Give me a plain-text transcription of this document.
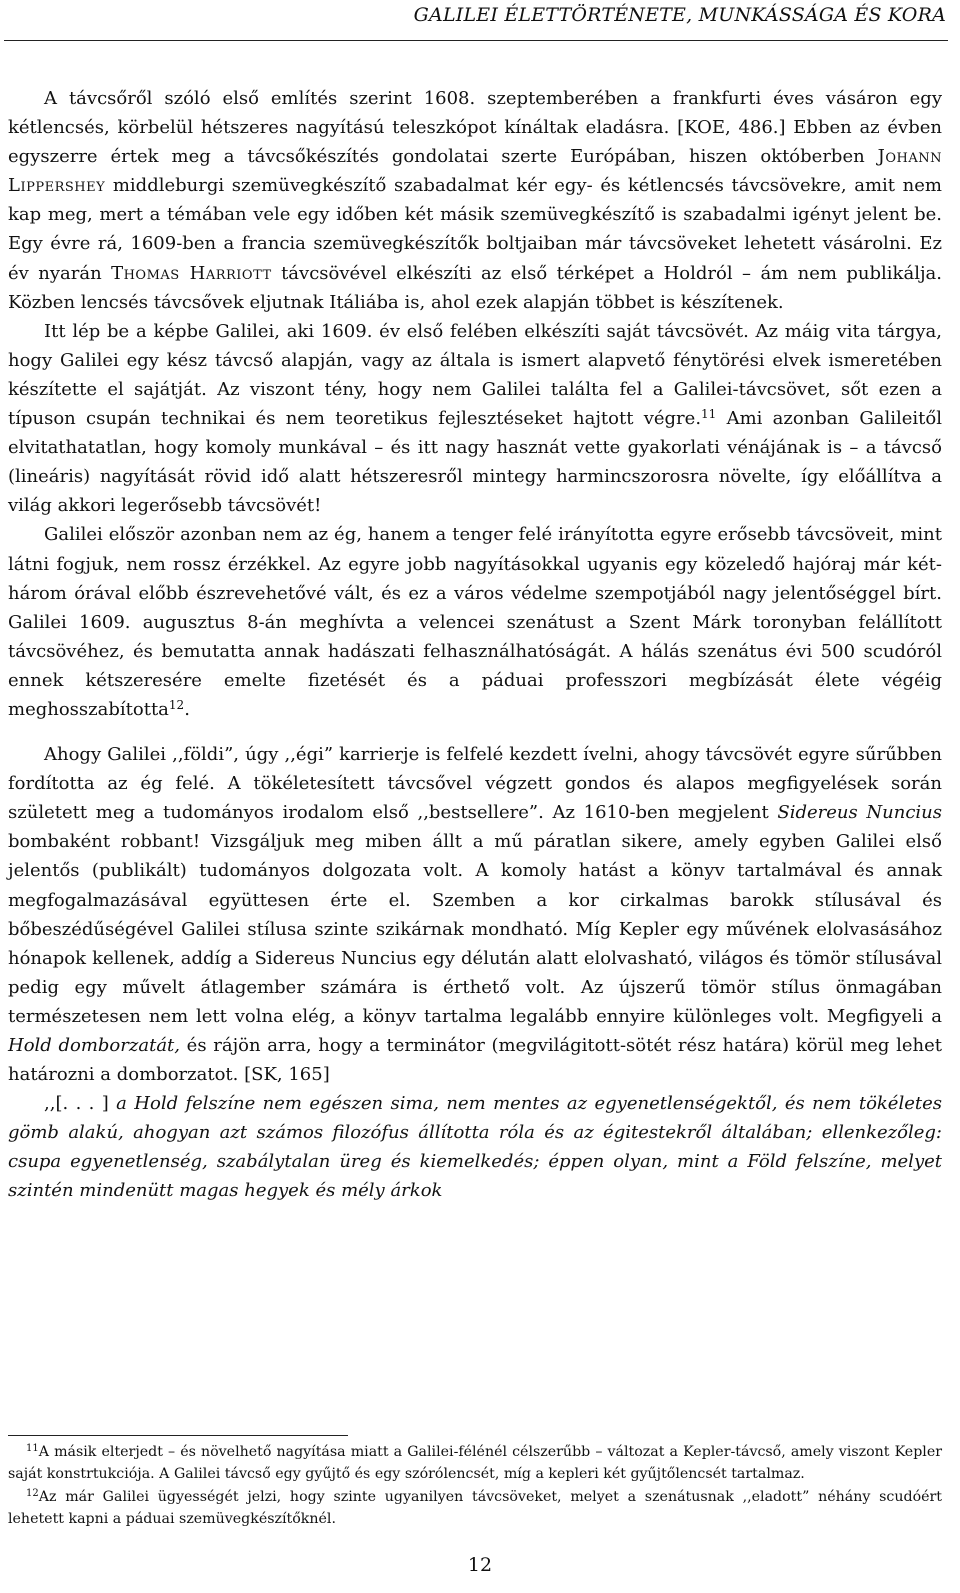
GALILEI ÉLETTÖRTÉNETE, MUNKÁSSÁGA ÉS KORA

A távcsőről szóló első említés szerint 1608. szeptemberében a frankfurti éves vásáron egy kétlencsés, körbelül hétszeres nagyítású teleszkópot kínáltak eladásra. [KOE, 486.] Ebben az évben egyszerre értek meg a távcsőkészítés gondolatai szerte Európában, hiszen októberben Johann Lippershey middleburgi szemüvegkészítő szabadalmat kér egy- és kétlencsés távcsövekre, amit nem kap meg, mert a témában vele egy időben két másik szemüvegkészítő is szabadalmi igényt jelent be. Egy évre rá, 1609-ben a francia szemüvegkészítők boltjaiban már távcsöveket lehetett vásárolni. Ez év nyarán Thomas Harriott távcsövével elkészíti az első térképet a Holdról – ám nem publikálja. Közben lencsés távcsővek eljutnak Itáliába is, ahol ezek alapján többet is készítenek.

Itt lép be a képbe Galilei, aki 1609. év első felében elkészíti saját távcsövét. Az máig vita tárgya, hogy Galilei egy kész távcső alapján, vagy az általa is ismert alapvető fénytörési elvek ismeretében készítette el sajátját. Az viszont tény, hogy nem Galilei találta fel a Galilei-távcsövet, sőt ezen a típuson csupán technikai és nem teoretikus fejlesztéseket hajtott végre.$^{11}$ Ami azonban Galileitől elvitathatatlan, hogy komoly munkával – és itt nagy hasznát vette gyakorlati vénájának is – a távcső (lineáris) nagyítását rövid idő alatt hétszeresről mintegy harmincszorosra növelte, így előállítva a világ akkori legerősebb távcsövét!

Galilei először azonban nem az ég, hanem a tenger felé irányította egyre erősebb távcsöveit, mint látni fogjuk, nem rossz érzékkel. Az egyre jobb nagyításokkal ugyanis egy közeledő hajóraj már két-három órával előbb észrevehetővé vált, és ez a város védelme szempotjából nagy jelentőséggel bírt. Galilei 1609. augusztus 8-án meghívta a velencei szenátust a Szent Márk toronyban felállított távcsövéhez, és bemutatta annak hadászati felhasználhatóságát. A hálás szenátus évi 500 scudóról ennek kétszeresére emelte fizetését és a páduai professzori megbízását élete végéig meghosszabította$^{12}$.

Ahogy Galilei ,,földi”, úgy ,,égi” karrierje is felfelé kezdett ívelni, ahogy távcsövét egyre sűrűbben fordította az ég felé. A tökéletesített távcsővel végzett gondos és alapos megfigyelések során született meg a tudományos irodalom első ,,bestsellere”. Az 1610-ben megjelent Sidereus Nuncius bombaként robbant! Vizsgáljuk meg miben állt a mű páratlan sikere, amely egyben Galilei első jelentős (publikált) tudományos dolgozata volt. A komoly hatást a könyv tartalmával és annak megfogalmazásával együttesen érte el. Szemben a kor cirkalmas barokk stílusával és bőbeszédűségével Galilei stílusa szinte szikárnak mondható. Míg Kepler egy művének elolvasásához hónapok kellenek, addíg a Sidereus Nuncius egy délután alatt elolvasható, világos és tömör stílusával pedig egy művelt átlagember számára is érthető volt. Az újszerű tömör stílus önmagában természetesen nem lett volna elég, a könyv tartalma legalább ennyire különleges volt. Megfigyeli a Hold domborzatát, és rájön arra, hogy a terminátor (megvilágitott-sötét rész határa) körül meg lehet határozni a domborzatot. [SK, 165]

,,[. . . ] a Hold felszíne nem egészen sima, nem mentes az egyenetlenségektől, és nem tökéletes gömb alakú, ahogyan azt számos filozófus állította róla és az égitestekről általában; ellenkezőleg: csupa egyenetlenség, szabálytalan üreg és kiemelkedés; éppen olyan, mint a Föld felszíne, melyet szintén mindenütt magas hegyek és mély árkok

$^{11}$A másik elterjedt – és növelhető nagyítása miatt a Galilei-félénél célszerűbb – változat a Kepler-távcső, amely viszont Kepler saját konstrtukciója. A Galilei távcső egy gyűjtő és egy szórólencsét, míg a kepleri két gyűjtőlencsét tartalmaz.

$^{12}$Az már Galilei ügyességét jelzi, hogy szinte ugyanilyen távcsöveket, melyet a szenátusnak ,,eladott” néhány scudóért lehetett kapni a páduai szemüvegkészítőknél.

12
